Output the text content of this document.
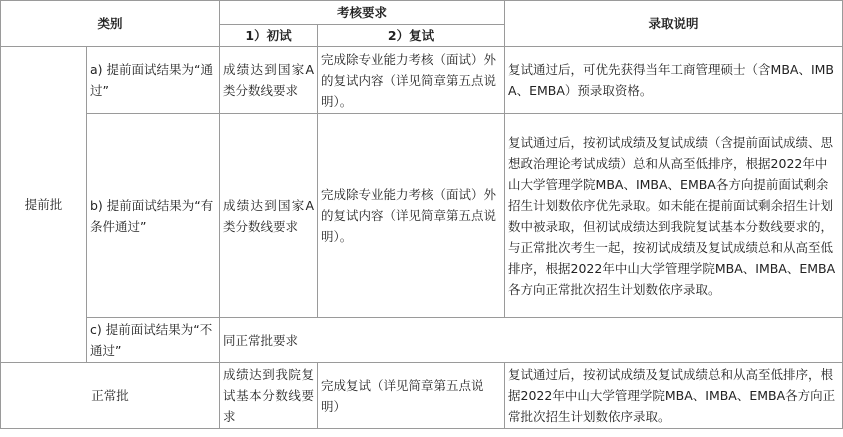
类别		考核要求		录取说明
		1）初试	2）复试	
提前批	a) 提前面试结果为“通过”	成绩达到国家A类分数线要求	完成除专业能力考核（面试）外的复试内容（详见简章第五点说明）。	复试通过后，可优先获得当年工商管理硕士（含MBA、IMBA、EMBA）预录取资格。
	b) 提前面试结果为“有条件通过”	成绩达到国家A类分数线要求	完成除专业能力考核（面试）外的复试内容（详见简章第五点说明）。	复试通过后，按初试成绩及复试成绩（含提前面试成绩、思想政治理论考试成绩）总和从高至低排序，根据2022年中山大学管理学院MBA、IMBA、EMBA各方向提前面试剩余招生计划数依序优先录取。如未能在提前面试剩余招生计划数中被录取，但初试成绩达到我院复试基本分数线要求的，与正常批次考生一起，按初试成绩及复试成绩总和从高至低排序，根据2022年中山大学管理学院MBA、IMBA、EMBA各方向正常批次招生计划数依序录取。
	c) 提前面试结果为“不通过”	同正常批要求		
正常批		成绩达到我院复试基本分数线要求	完成复试（详见简章第五点说明）	复试通过后，按初试成绩及复试成绩总和从高至低排序，根据2022年中山大学管理学院MBA、IMBA、EMBA各方向正常批次招生计划数依序录取。
